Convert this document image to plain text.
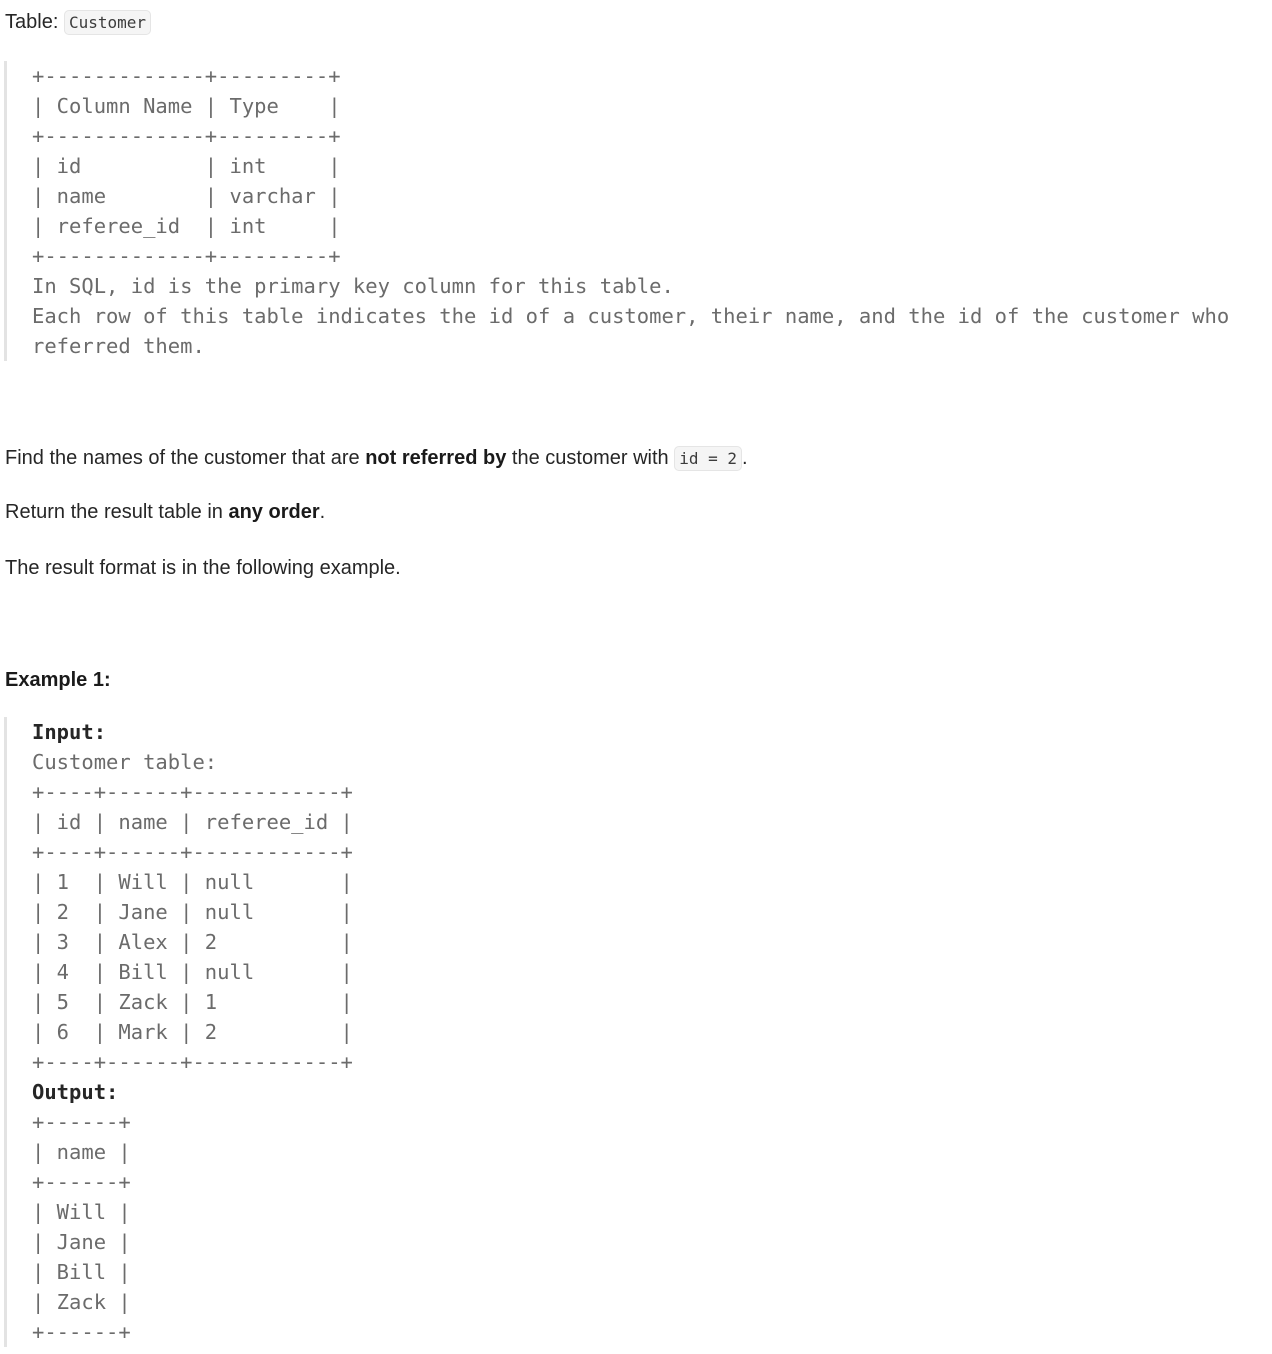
Table: Customer

+-------------+---------+
| Column Name | Type    |
+-------------+---------+
| id          | int     |
| name        | varchar |
| referee_id  | int     |
+-------------+---------+
In SQL, id is the primary key column for this table.
Each row of this table indicates the id of a customer, their name, and the id of the customer who
referred them.

Find the names of the customer that are not referred by the customer with id = 2 .

Return the result table in any order.

The result format is in the following example.

Example 1:

Input:
Customer table:
+----+------+------------+
| id | name | referee_id |
+----+------+------------+
| 1  | Will | null       |
| 2  | Jane | null       |
| 3  | Alex | 2          |
| 4  | Bill | null       |
| 5  | Zack | 1          |
| 6  | Mark | 2          |
+----+------+------------+
Output:
+------+
| name |
+------+
| Will |
| Jane |
| Bill |
| Zack |
+------+
